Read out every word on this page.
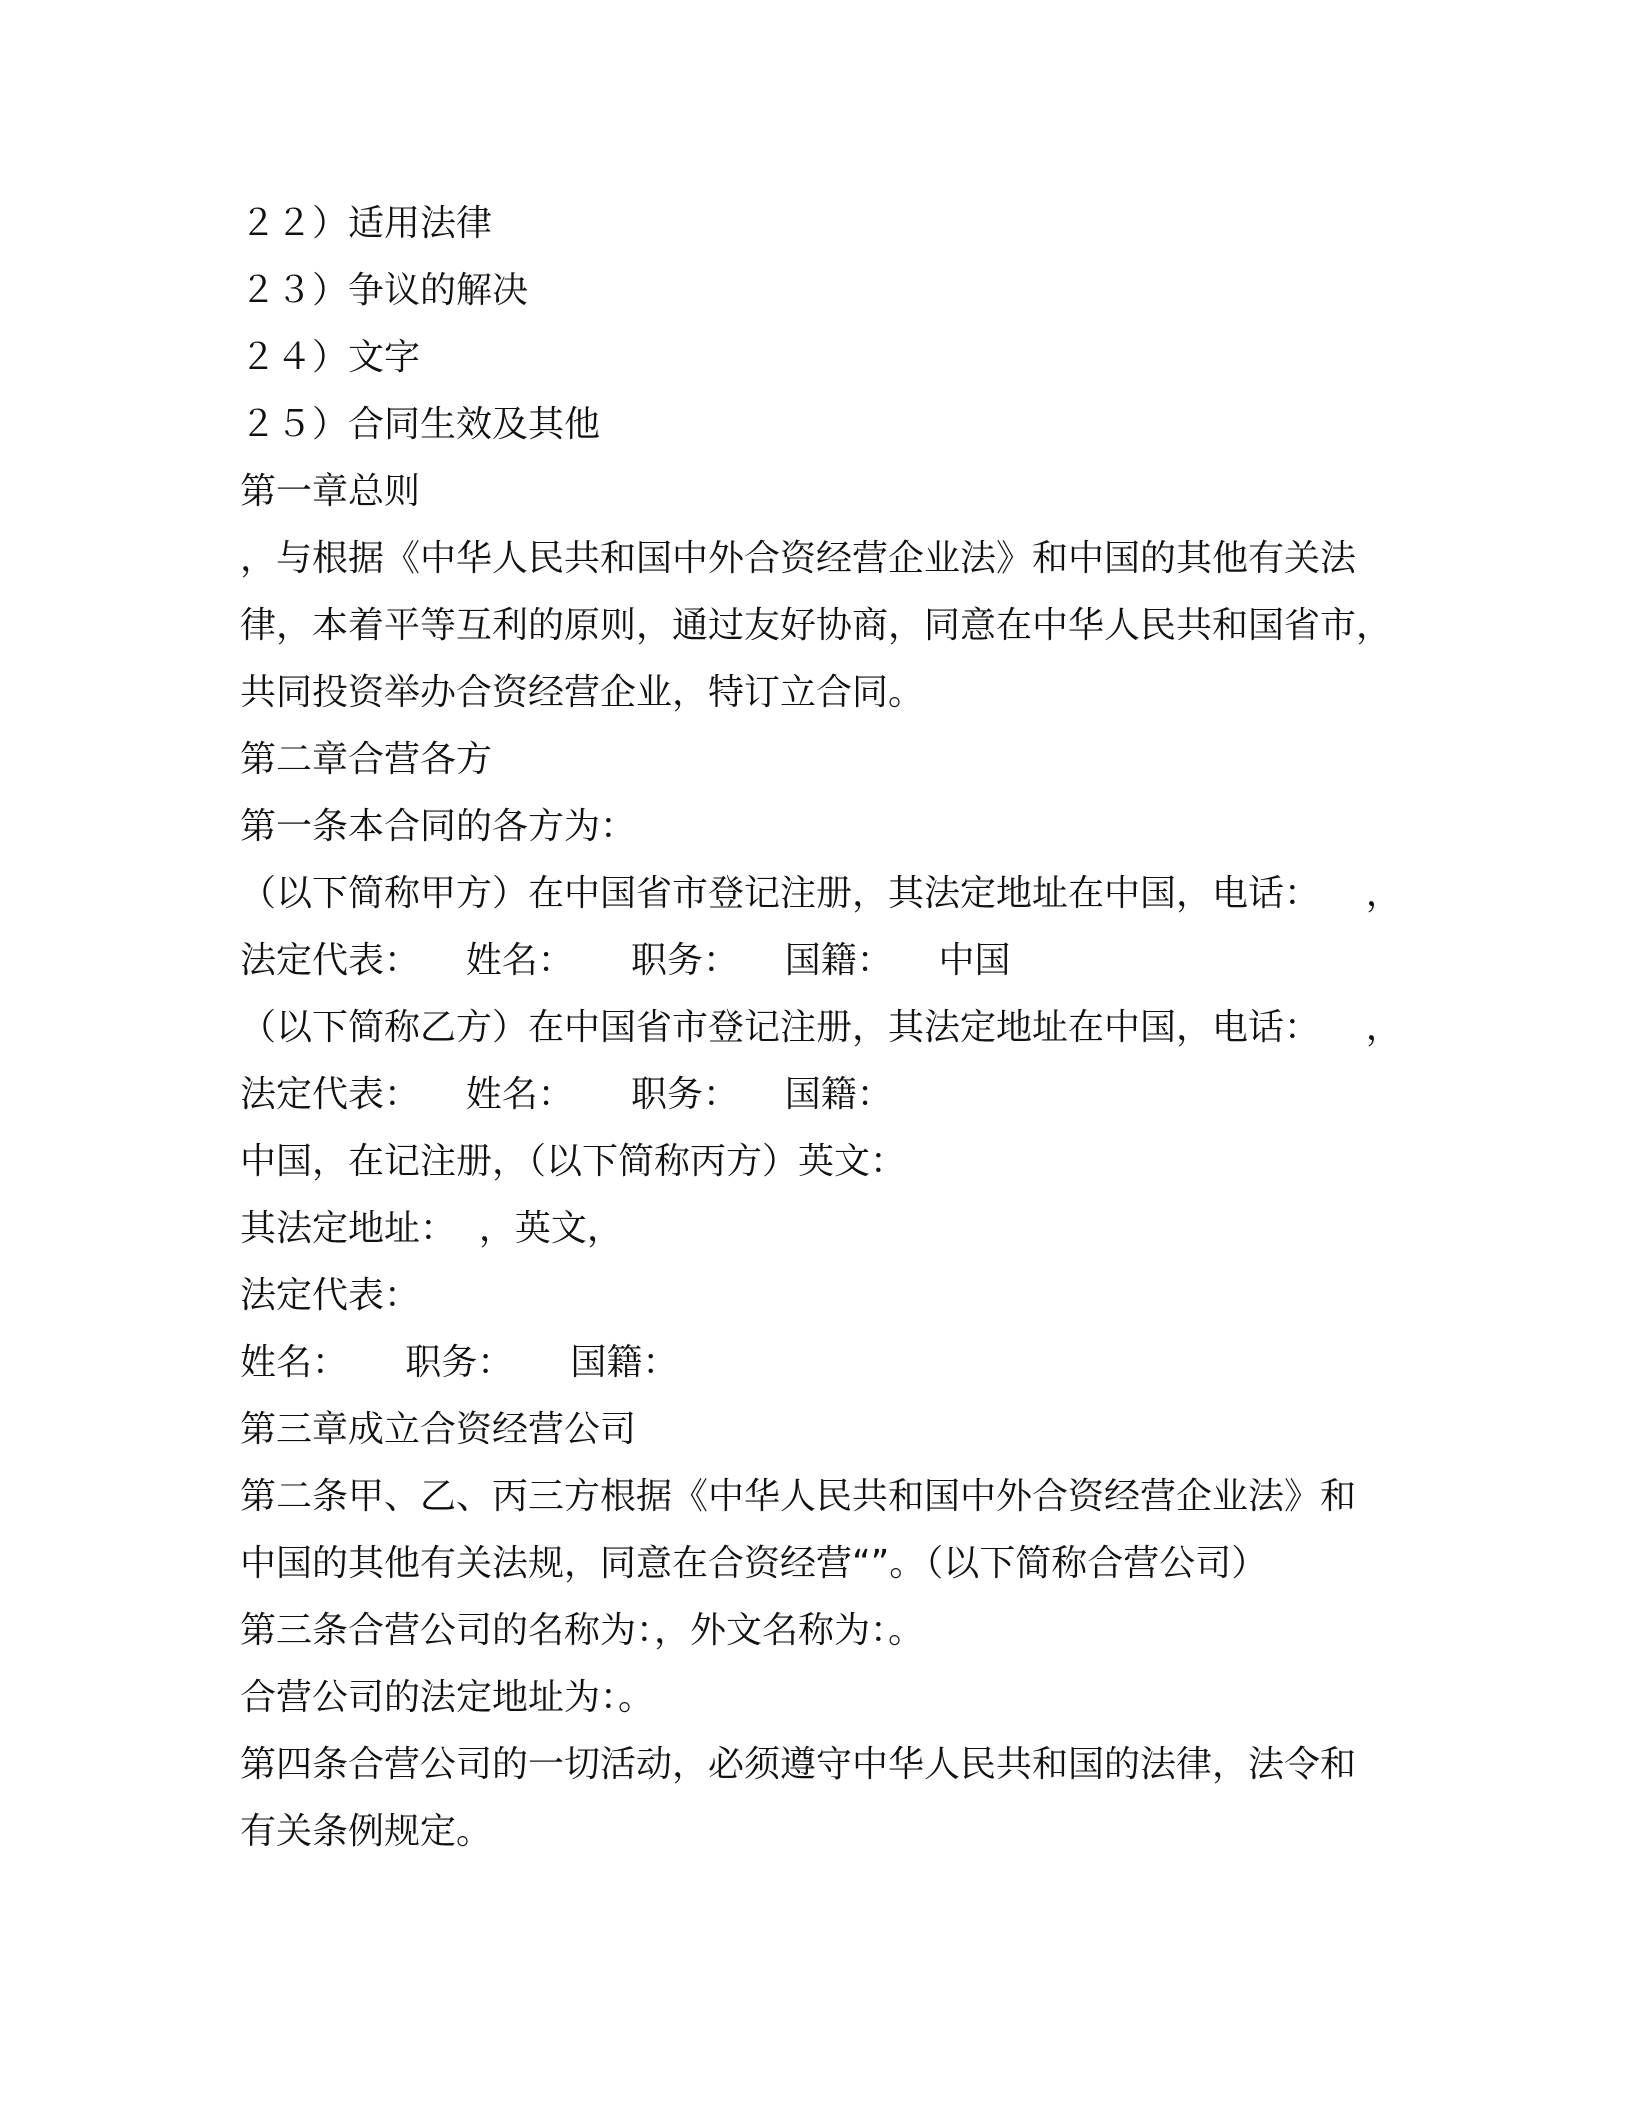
２２）适用法律

２３）争议的解决

２４）文字

２５）合同生效及其他

第一章总则

，与根据《中华人民共和国中外合资经营企业法》和中国的其他有关法

律，本着平等互利的原则，通过友好协商，同意在中华人民共和国省市，

共同投资举办合资经营企业，特订立合同。

第二章合营各方

第一条本合同的各方为：

（以下简称甲方）在中国省市登记注册，其法定地址在中国，电话：    ，

法定代表：    姓名：     职务：    国籍：    中国

（以下简称乙方）在中国省市登记注册，其法定地址在中国，电话：    ，

法定代表：    姓名：     职务：    国籍：

中国，在记注册，（以下简称丙方）英文：

其法定地址：  ，英文，

法定代表：

姓名：     职务：     国籍：

第三章成立合资经营公司

第二条甲、乙、丙三方根据《中华人民共和国中外合资经营企业法》和

中国的其他有关法规，同意在合资经营“”。（以下简称合营公司）

第三条合营公司的名称为：，外文名称为：。

合营公司的法定地址为：。

第四条合营公司的一切活动，必须遵守中华人民共和国的法律，法令和

有关条例规定。
